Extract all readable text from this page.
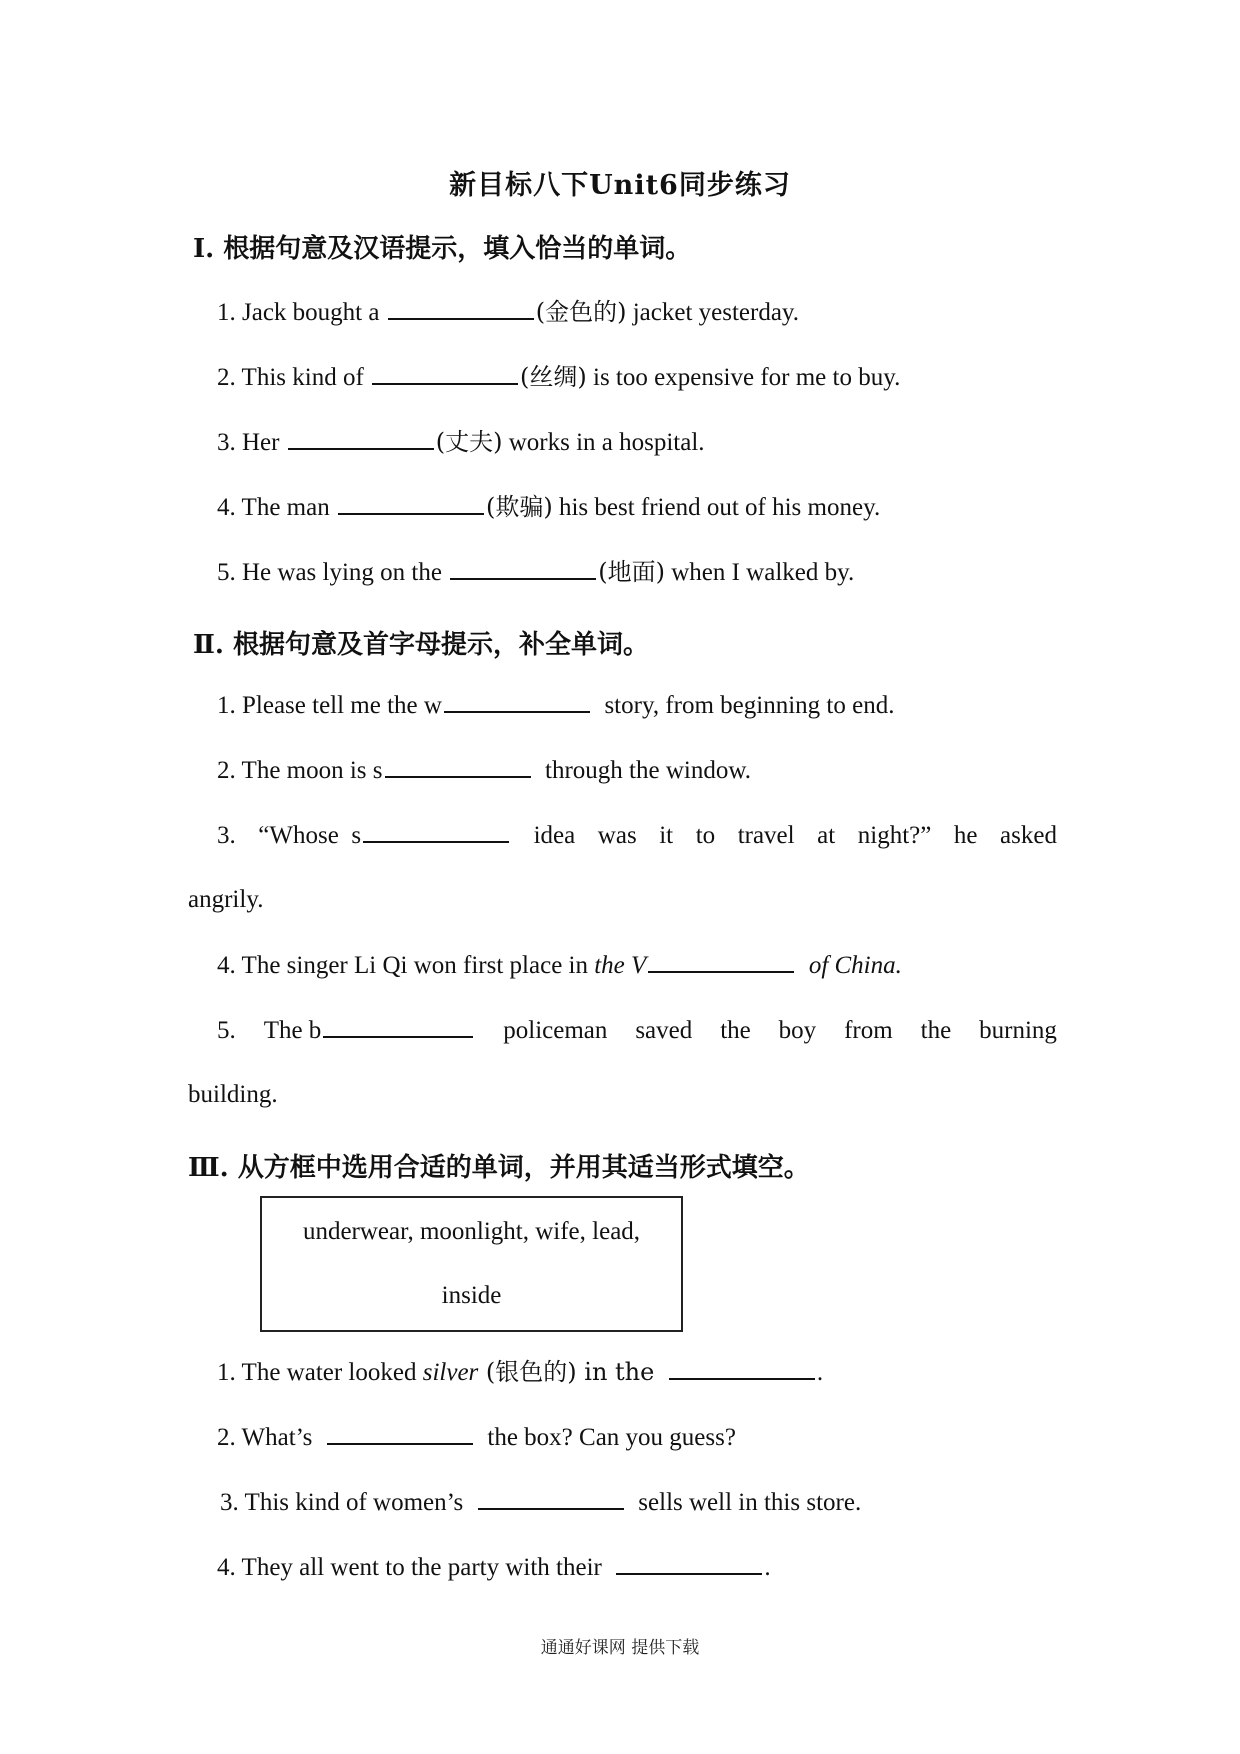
新目标八下Unit6同步练习
Ⅰ. 根据句意及汉语提示，填入恰当的单词。
1. Jack bought a	(金色的) jacket yesterday.
2. This kind of	(丝绸) is too expensive for me to buy.
3. Her	(丈夫) works in a hospital.
4. The man	(欺骗) his best friend out of his money.
5. He was lying on the	(地面) when I walked by.
Ⅱ. 根据句意及首字母提示，补全单词。
1. Please tell me the w	story, from beginning to end.
2. The moon is s	through the window.
3. “Whose s	idea was it to travel at night?” he asked
angrily.
4. The singer Li Qi won first place in the V	of China.
5. The b	policeman saved the boy from the burning
building.
Ⅲ. 从方框中选用合适的单词，并用其适当形式填空。
underwear, moonlight, wife, lead,
inside
1. The water looked silver (银色的) in the	.
2. What’s	the box? Can you guess?
3. This kind of women’s	sells well in this store.
4. They all went to the party with their	.
通通好课网 提供下载
